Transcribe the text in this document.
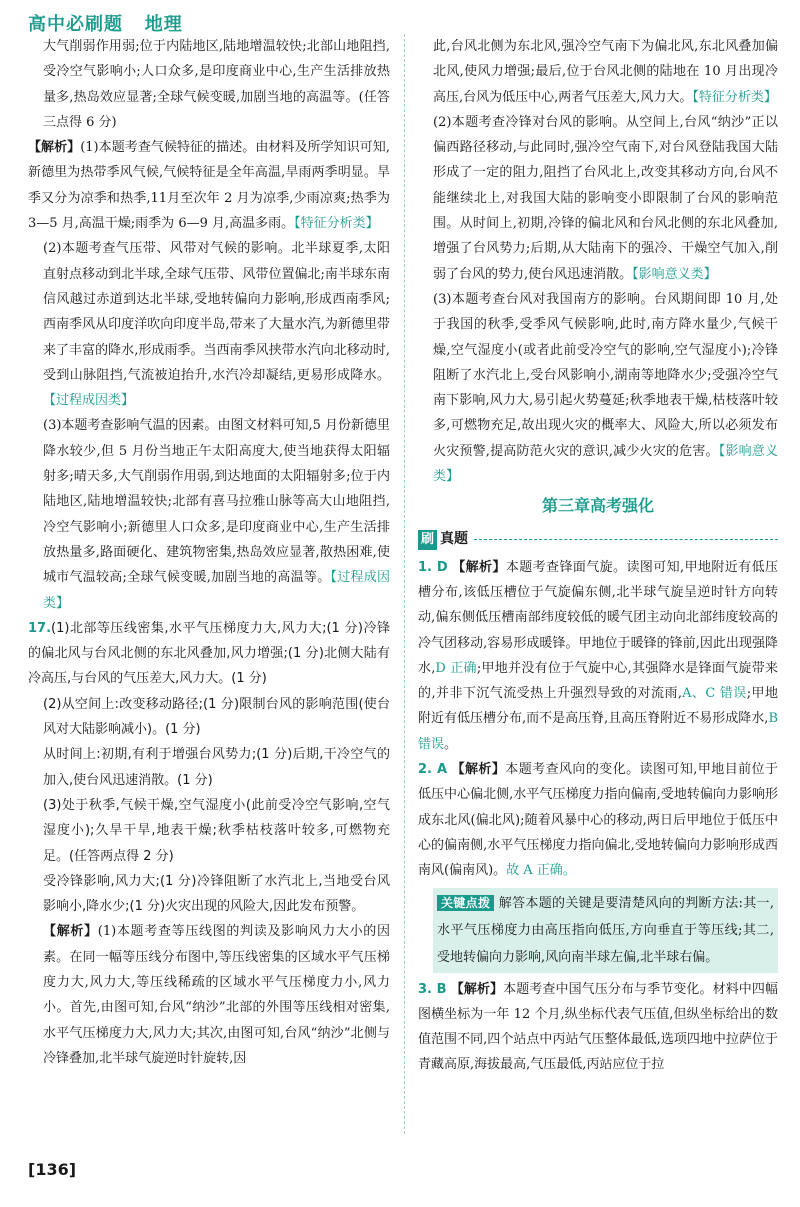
高中必刷题   地理

大气削弱作用弱;位于内陆地区,陆地增温较快;北部山地阻挡,受冷空气影响小;人口众多,是印度商业中心,生产生活排放热量多,热岛效应显著;全球气候变暖,加剧当地的高温等。(任答三点得 6 分)

【解析】(1)本题考查气候特征的描述。由材料及所学知识可知,新德里为热带季风气候,气候特征是全年高温,旱雨两季明显。旱季又分为凉季和热季,11月至次年 2 月为凉季,少雨凉爽;热季为 3—5 月,高温干燥;雨季为 6—9 月,高温多雨。【特征分析类】

(2)本题考查气压带、风带对气候的影响。北半球夏季,太阳直射点移动到北半球,全球气压带、风带位置偏北;南半球东南信风越过赤道到达北半球,受地转偏向力影响,形成西南季风;西南季风从印度洋吹向印度半岛,带来了大量水汽,为新德里带来了丰富的降水,形成雨季。当西南季风挟带水汽向北移动时,受到山脉阻挡,气流被迫抬升,水汽冷却凝结,更易形成降水。【过程成因类】

(3)本题考查影响气温的因素。由图文材料可知,5 月份新德里降水较少,但 5 月份当地正午太阳高度大,使当地获得太阳辐射多;晴天多,大气削弱作用弱,到达地面的太阳辐射多;位于内陆地区,陆地增温较快;北部有喜马拉雅山脉等高大山地阻挡,冷空气影响小;新德里人口众多,是印度商业中心,生产生活排放热量多,路面硬化、建筑物密集,热岛效应显著,散热困难,使城市气温较高;全球气候变暖,加剧当地的高温等。【过程成因类】

17.(1)北部等压线密集,水平气压梯度力大,风力大;(1 分)冷锋的偏北风与台风北侧的东北风叠加,风力增强;(1 分)北侧大陆有冷高压,与台风的气压差大,风力大。(1 分)

(2)从空间上:改变移动路径;(1 分)限制台风的影响范围(使台风对大陆影响减小)。(1 分)

从时间上:初期,有利于增强台风势力;(1 分)后期,干冷空气的加入,使台风迅速消散。(1 分)

(3)处于秋季,气候干燥,空气湿度小(此前受冷空气影响,空气湿度小);久旱干旱,地表干燥;秋季枯枝落叶较多,可燃物充足。(任答两点得 2 分)

受冷锋影响,风力大;(1 分)冷锋阻断了水汽北上,当地受台风影响小,降水少;(1 分)火灾出现的风险大,因此发布预警。

【解析】(1)本题考查等压线图的判读及影响风力大小的因素。在同一幅等压线分布图中,等压线密集的区域水平气压梯度力大,风力大,等压线稀疏的区域水平气压梯度力小,风力小。首先,由图可知,台风“纳沙”北部的外围等压线相对密集,水平气压梯度力大,风力大;其次,由图可知,台风“纳沙”北侧与冷锋叠加,北半球气旋逆时针旋转,因

此,台风北侧为东北风,强冷空气南下为偏北风,东北风叠加偏北风,使风力增强;最后,位于台风北侧的陆地在 10 月出现冷高压,台风为低压中心,两者气压差大,风力大。【特征分析类】

(2)本题考查冷锋对台风的影响。从空间上,台风“纳沙”正以偏西路径移动,与此同时,强冷空气南下,对台风登陆我国大陆形成了一定的阻力,阻挡了台风北上,改变其移动方向,台风不能继续北上,对我国大陆的影响变小即限制了台风的影响范围。从时间上,初期,冷锋的偏北风和台风北侧的东北风叠加,增强了台风势力;后期,从大陆南下的强冷、干燥空气加入,削弱了台风的势力,使台风迅速消散。【影响意义类】

(3)本题考查台风对我国南方的影响。台风期间即 10 月,处于我国的秋季,受季风气候影响,此时,南方降水量少,气候干燥,空气湿度小(或者此前受冷空气的影响,空气湿度小);冷锋阻断了水汽北上,受台风影响小,湖南等地降水少;受强冷空气南下影响,风力大,易引起火势蔓延;秋季地表干燥,枯枝落叶较多,可燃物充足,故出现火灾的概率大、风险大,所以必须发布火灾预警,提高防范火灾的意识,减少火灾的危害。【影响意义类】

第三章高考强化
刷 真题

1. D 【解析】本题考查锋面气旋。读图可知,甲地附近有低压槽分布,该低压槽位于气旋偏东侧,北半球气旋呈逆时针方向转动,偏东侧低压槽南部纬度较低的暖气团主动向北部纬度较高的冷气团移动,容易形成暖锋。甲地位于暖锋的锋前,因此出现强降水,D 正确;甲地并没有位于气旋中心,其强降水是锋面气旋带来的,并非下沉气流受热上升强烈导致的对流雨,A、C 错误;甲地附近有低压槽分布,而不是高压脊,且高压脊附近不易形成降水,B 错误。

2. A 【解析】本题考查风向的变化。读图可知,甲地目前位于低压中心偏北侧,水平气压梯度力指向偏南,受地转偏向力影响形成东北风(偏北风);随着风暴中心的移动,两日后甲地位于低压中心的偏南侧,水平气压梯度力指向偏北,受地转偏向力影响形成西南风(偏南风)。故 A 正确。

关键点拨 解答本题的关键是要清楚风向的判断方法:其一,水平气压梯度力由高压指向低压,方向垂直于等压线;其二,受地转偏向力影响,风向南半球左偏,北半球右偏。

3. B 【解析】本题考查中国气压分布与季节变化。材料中四幅图横坐标为一年 12 个月,纵坐标代表气压值,但纵坐标给出的数值范围不同,四个站点中丙站气压整体最低,选项四地中拉萨位于青藏高原,海拔最高,气压最低,丙站应位于拉

[136]
